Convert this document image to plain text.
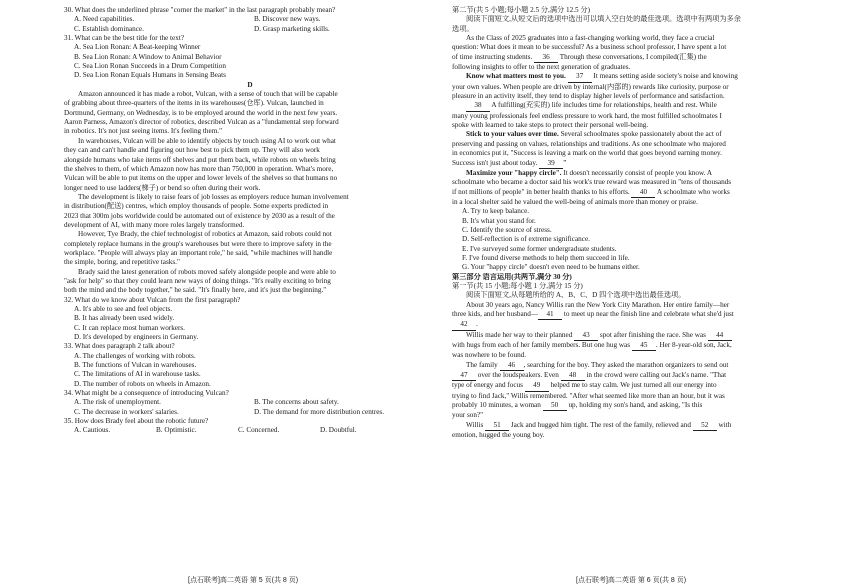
30. What does the underlined phrase "corner the market" in the last paragraph probably mean?
A. Need capabilities.	B. Discover new ways.
C. Establish dominance.	D. Grasp marketing skills.
31. What can be the best title for the text?
A. Sea Lion Ronan: A Beat-keeping Winner
B. Sea Lion Ronan: A Window to Animal Behavior
C. Sea Lion Ronan Succeeds in a Drum Competition
D. Sea Lion Ronan Equals Humans in Sensing Beats
D
Amazon announced it has made a robot, Vulcan, with a sense of touch that will be capable
of grabbing about three-quarters of the items in its warehouses(仓库). Vulcan, launched in
Dortmund, Germany, on Wednesday, is to be employed around the world in the next few years.
Aaron Parness, Amazon's director of robotics, described Vulcan as a "fundamental step forward
in robotics. It's not just seeing items. It's feeling them."
In warehouses, Vulcan will be able to identify objects by touch using AI to work out what
they can and can't handle and figuring out how best to pick them up. They will also work
alongside humans who take items off shelves and put them back, while robots on wheels bring
the shelves to them, of which Amazon now has more than 750,000 in operation. What's more,
Vulcan will be able to put items on the upper and lower levels of the shelves so that humans no
longer need to use ladders(梯子) or bend so often during their work.
The development is likely to raise fears of job losses as employers reduce human involvement
in distribution(配送) centres, which employ thousands of people. Some experts predicted in
2023 that 300m jobs worldwide could be automated out of existence by 2030 as a result of the
development of AI, with many more roles largely transformed.
However, Tye Brady, the chief technologist of robotics at Amazon, said robots could not
completely replace humans in the group's warehouses but were there to improve safety in the
workplace. "People will always play an important role," he said, "while machines will handle
the simple, boring, and repetitive tasks."
Brady said the latest generation of robots moved safely alongside people and were able to
"ask for help" so that they could learn new ways of doing things. "It's really exciting to bring
both the mind and the body together," he said. "It's finally here, and it's just the beginning."
32. What do we know about Vulcan from the first paragraph?
A. It's able to see and feel objects.
B. It has already been used widely.
C. It can replace most human workers.
D. It's developed by engineers in Germany.
33. What does paragraph 2 talk about?
A. The challenges of working with robots.
B. The functions of Vulcan in warehouses.
C. The limitations of AI in warehouse tasks.
D. The number of robots on wheels in Amazon.
34. What might be a consequence of introducing Vulcan?
A. The risk of unemployment.	B. The concerns about safety.
C. The decrease in workers' salaries.	D. The demand for more distribution centres.
35. How does Brady feel about the robotic future?
A. Cautious.	B. Optimistic.	C. Concerned.	D. Doubtful.
第二节(共 5 小题;每小题 2.5 分,满分 12.5 分)
阅读下面短文,从短文后的选项中选出可以填入空白处的最佳选项。选项中有两项为多余
选项。
As the Class of 2025 graduates into a fast-changing working world, they face a crucial
question: What does it mean to be successful? As a business school professor, I have spent a lot
of time instructing students. 36 Through these conversations, I compiled(汇集) the
following insights to offer to the next generation of graduates.
Know what matters most to you. 37 It means setting aside society's noise and knowing
your own values. When people are driven by internal(内部的) rewards like curiosity, purpose or
pleasure in an activity itself, they tend to display higher levels of performance and satisfaction.
38 A fulfilling(充实的) life includes time for relationships, health and rest. While
many young professionals feel endless pressure to work hard, the most fulfilled schoolmates I
spoke with learned to take steps to protect their personal well-being.
Stick to your values over time. Several schoolmates spoke passionately about the act of
preserving and passing on values, relationships and traditions. As one schoolmate who majored
in economics put it, "Success is leaving a mark on the world that goes beyond earning money.
Success isn't just about today. 39 ”
Maximize your "happy circle". It doesn't necessarily consist of people you know. A
schoolmate who became a doctor said his work's true reward was measured in "tens of thousands
if not millions of people" in better health thanks to his efforts. 40 A schoolmate who works
in a local shelter said he valued the well-being of animals more than money or praise.
A. Try to keep balance.
B. It's what you stand for.
C. Identify the source of stress.
D. Self-reflection is of extreme significance.
E. I've surveyed some former undergraduate students.
F. I've found diverse methods to help them succeed in life.
G. Your "happy circle" doesn't even need to be humans either.
第三部分 语言运用(共两节,满分 30 分)
第一节(共 15 小题;每小题 1 分,满分 15 分)
阅读下面短文,从每题所给的 A、B、C、D 四个选项中选出最佳选项。
About 30 years ago, Nancy Willis ran the New York City Marathon. Her entire family—her
three kids, and her husband— 41 to meet up near the finish line and celebrate what she'd just
42 .
Willis made her way to their planned 43 spot after finishing the race. She was 44
with hugs from each of her family members. But one hug was 45 . Her 8-year-old son, Jack,
was nowhere to be found.
The family 46 , searching for the boy. They asked the marathon organizers to send out
47 over the loudspeakers. Even 48 in the crowd were calling out Jack's name. "That
type of energy and focus 49 helped me to stay calm. We just turned all our energy into
trying to find Jack," Willis remembered. "After what seemed like more than an hour, but it was
probably 10 minutes, a woman 50 up, holding my son's hand, and asking, "Is this
your son?"
Willis 51 Jack and hugged him tight. The rest of the family, relieved and 52 with
emotion, hugged the young boy.
[点石联考]高二英语 第 5 页(共 8 页)	[点石联考]高二英语 第 6 页(共 8 页)
